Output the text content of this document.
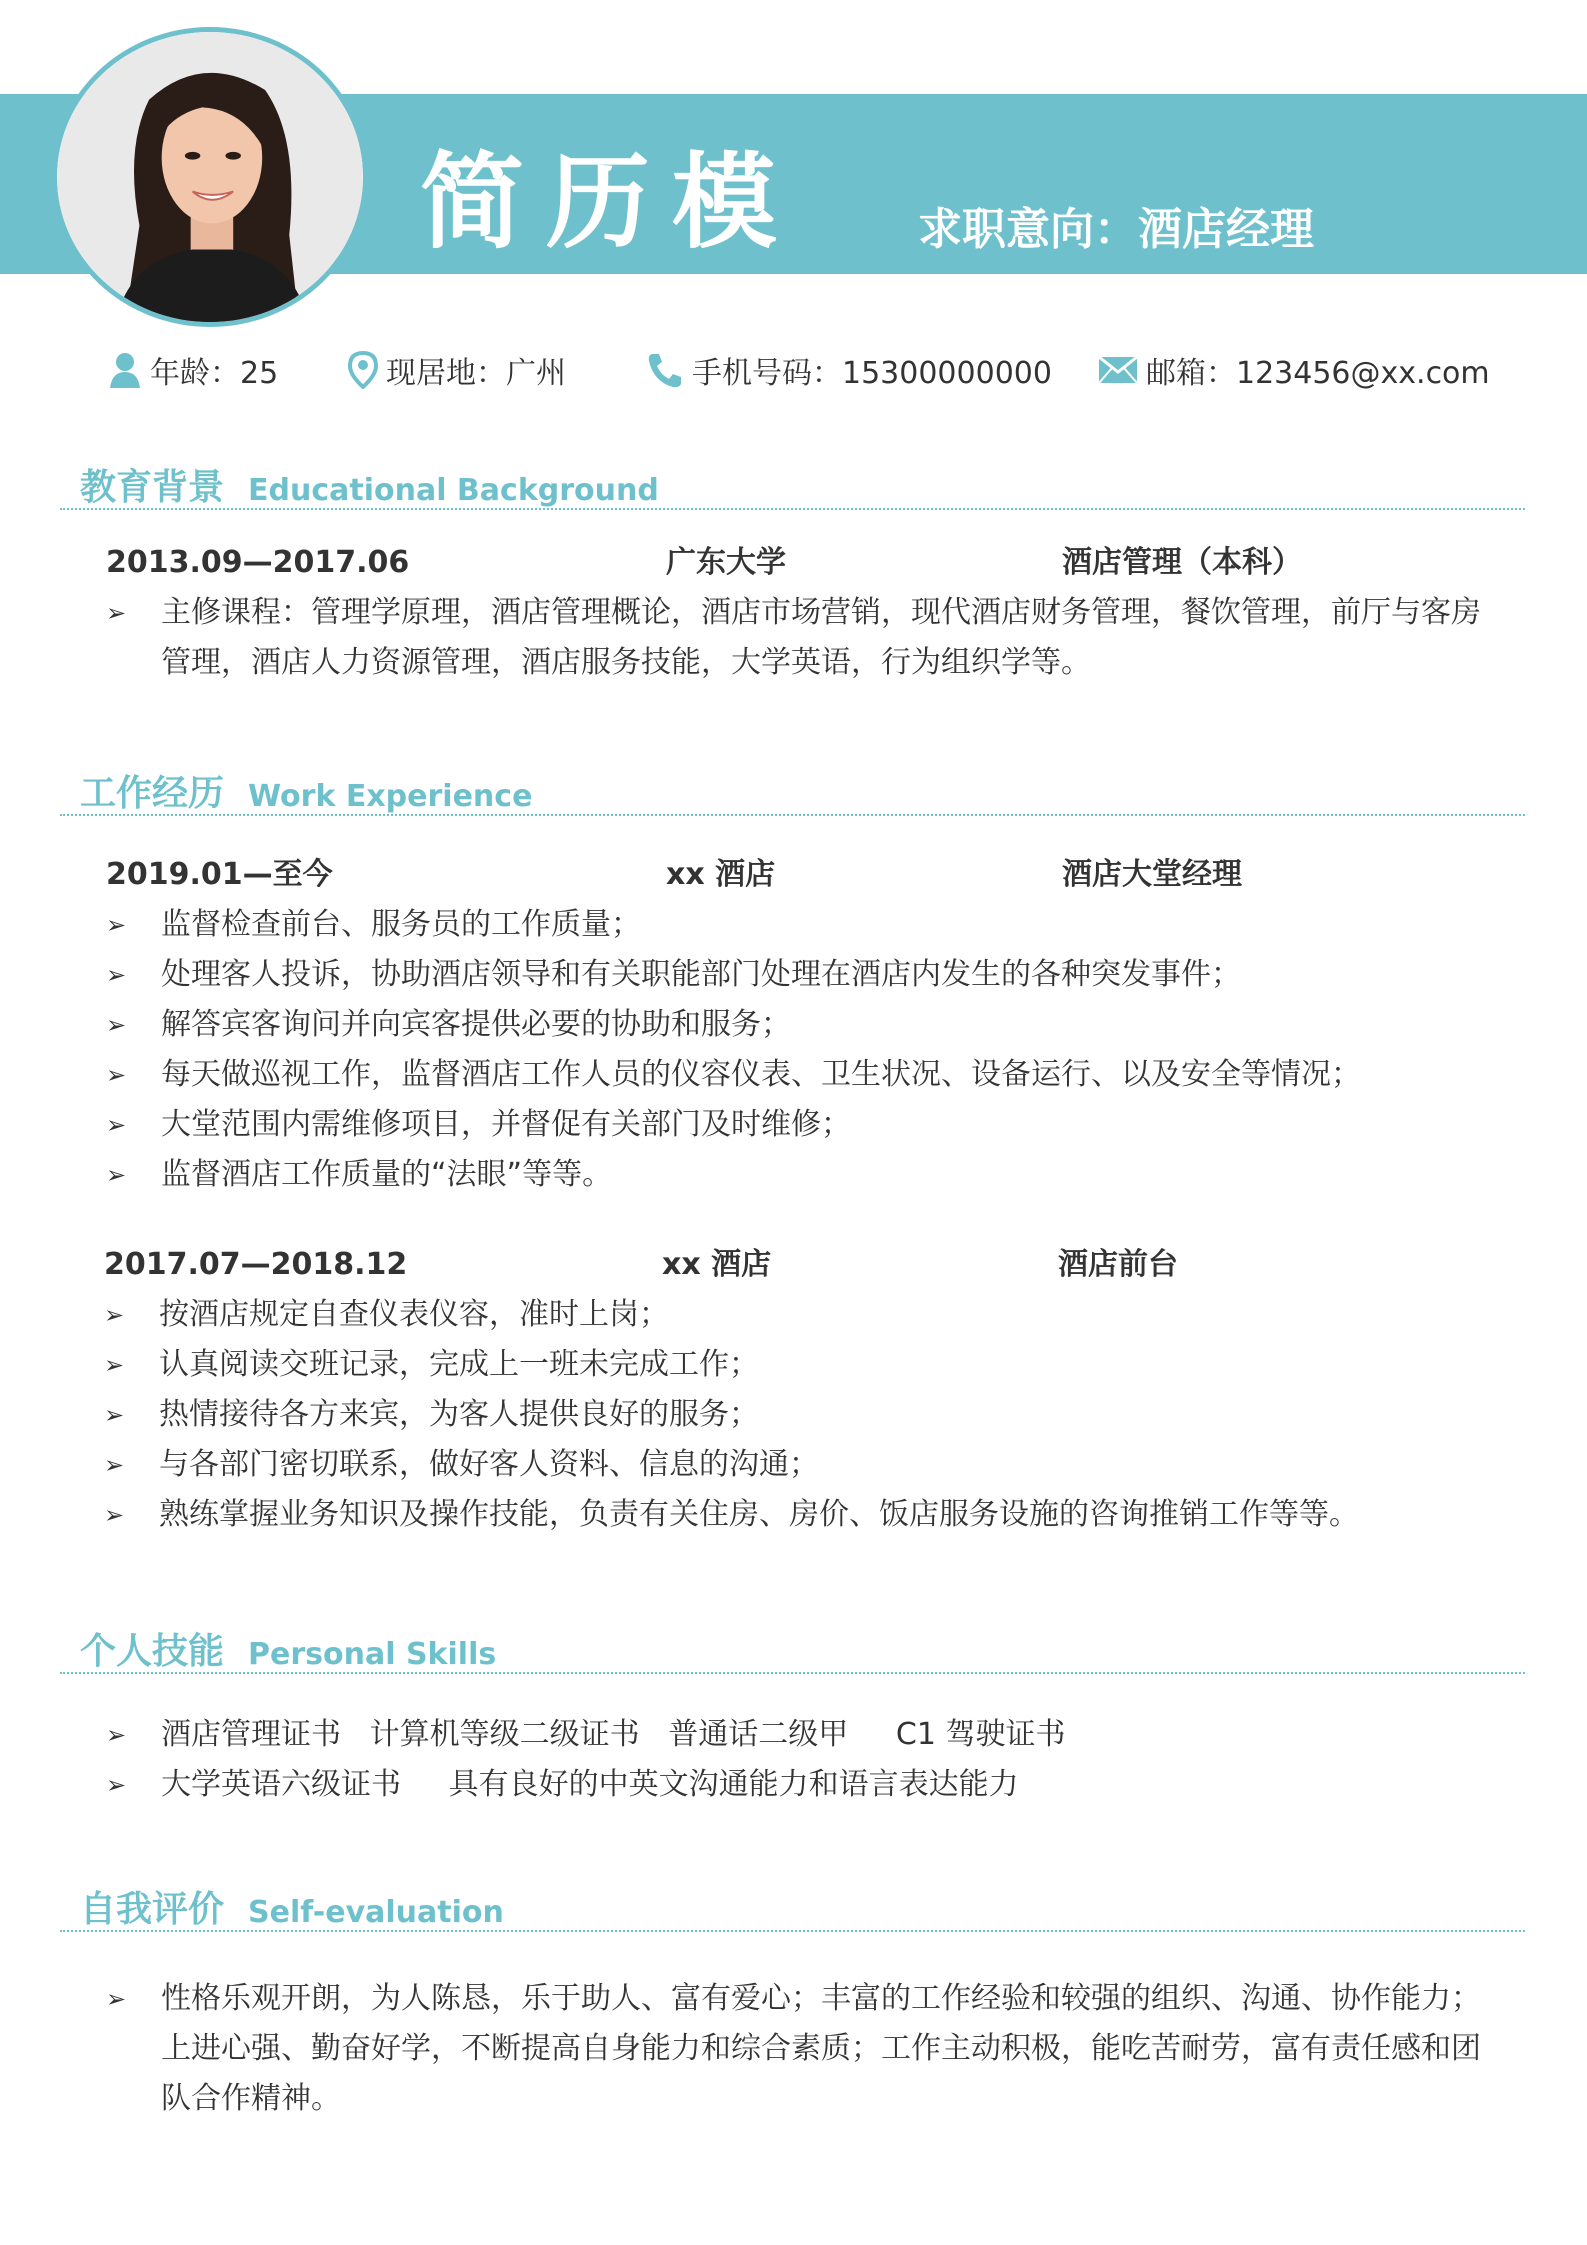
简历模	求职意向：酒店经理
年龄：25	现居地：广州	手机号码：15300000000	邮箱：123456@xx.com
教育背景 Educational Background
2013.09—2017.06	广东大学	酒店管理（本科）
➢	主修课程：管理学原理，酒店管理概论，酒店市场营销，现代酒店财务管理，餐饮管理，前厅与客房管理，酒店人力资源管理，酒店服务技能，大学英语，行为组织学等。
工作经历 Work Experience
2019.01—至今	xx 酒店	酒店大堂经理
➢	监督检查前台、服务员的工作质量；
➢	处理客人投诉，协助酒店领导和有关职能部门处理在酒店内发生的各种突发事件；
➢	解答宾客询问并向宾客提供必要的协助和服务；
➢	每天做巡视工作，监督酒店工作人员的仪容仪表、卫生状况、设备运行、以及安全等情况；
➢	大堂范围内需维修项目，并督促有关部门及时维修；
➢	监督酒店工作质量的“法眼”等等。
2017.07—2018.12	xx 酒店	酒店前台
➢	按酒店规定自查仪表仪容，准时上岗；
➢	认真阅读交班记录，完成上一班未完成工作；
➢	热情接待各方来宾，为客人提供良好的服务；
➢	与各部门密切联系，做好客人资料、信息的沟通；
➢	熟练掌握业务知识及操作技能，负责有关住房、房价、饭店服务设施的咨询推销工作等等。
个人技能 Personal Skills
➢	酒店管理证书   计算机等级二级证书   普通话二级甲     C1 驾驶证书
➢	大学英语六级证书     具有良好的中英文沟通能力和语言表达能力
自我评价 Self-evaluation
➢	性格乐观开朗，为人陈恳，乐于助人、富有爱心；丰富的工作经验和较强的组织、沟通、协作能力；上进心强、勤奋好学，不断提高自身能力和综合素质；工作主动积极，能吃苦耐劳，富有责任感和团队合作精神。
